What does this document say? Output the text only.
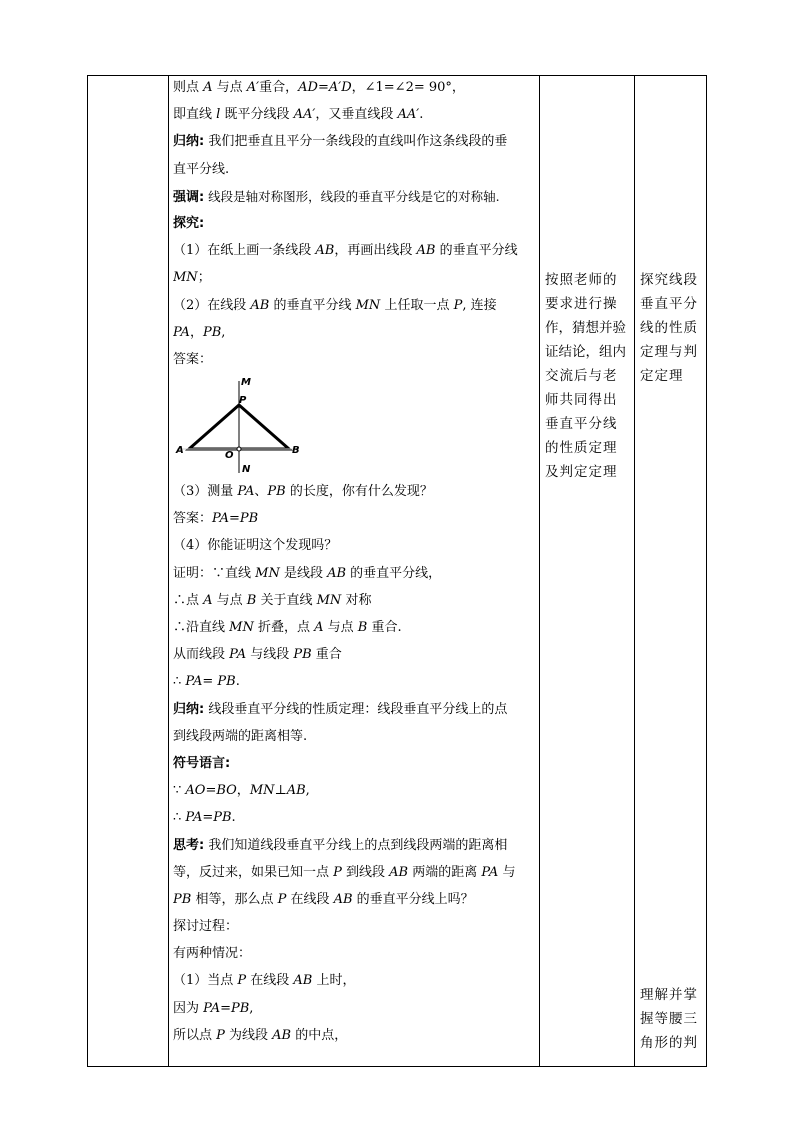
则点 A 与点 A′重合，AD=A′D，∠1=∠2= 90°，
即直线 l 既平分线段 AA′，又垂直线段 AA′.
归纳: 我们把垂直且平分一条线段的直线叫作这条线段的垂
直平分线.
强调: 线段是轴对称图形，线段的垂直平分线是它的对称轴.
探究:
（1）在纸上画一条线段 AB，再画出线段 AB 的垂直平分线
MN；
（2）在线段 AB 的垂直平分线 MN 上任取一点 P, 连接
PA，PB,
答案：
M
P
A	O	B
N
（3）测量 PA、PB 的长度，你有什么发现？
答案：PA=PB
（4）你能证明这个发现吗？
证明：∵直线 MN 是线段 AB 的垂直平分线，
∴点 A 与点 B 关于直线 MN 对称
∴沿直线 MN 折叠，点 A 与点 B 重合.
从而线段 PA 与线段 PB 重合
∴ PA= PB.
归纳: 线段垂直平分线的性质定理：线段垂直平分线上的点
到线段两端的距离相等.
符号语言:
∵ AO=BO，MN⊥AB,
∴ PA=PB.
思考: 我们知道线段垂直平分线上的点到线段两端的距离相
等，反过来，如果已知一点 P 到线段 AB 两端的距离 PA 与
PB 相等，那么点 P 在线段 AB 的垂直平分线上吗？
探讨过程：
有两种情况：
（1）当点 P 在线段 AB 上时，
因为 PA=PB,
所以点 P 为线段 AB 的中点，
按照老师的
要求进行操
作，猜想并验
证结论，组内
交流后与老
师共同得出
垂直平分线
的性质定理
及判定定理
探究线段
垂直平分
线的性质
定理与判
定定理
理解并掌
握等腰三
角形的判
